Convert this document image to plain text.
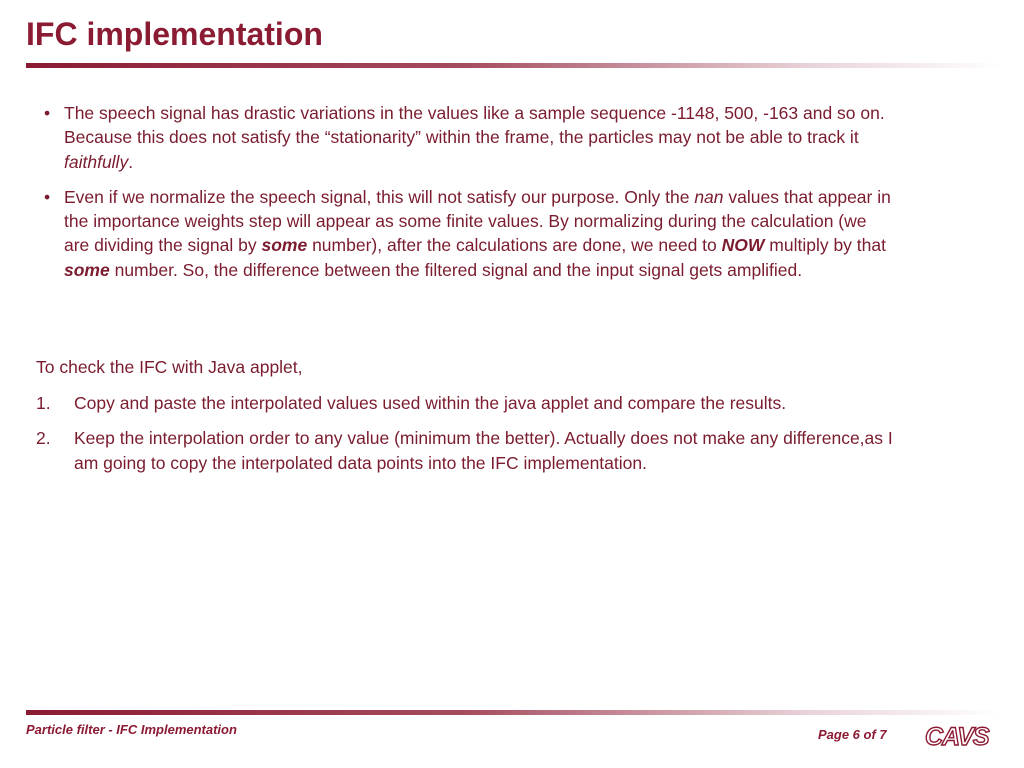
IFC implementation
• The speech signal has drastic variations in the values like a sample sequence -1148, 500, -163 and so on. Because this does not satisfy the “stationarity” within the frame, the particles may not be able to track it faithfully.
• Even if we normalize the speech signal, this will not satisfy our purpose. Only the nan values that appear in the importance weights step will appear as some finite values. By normalizing during the calculation (we are dividing the signal by some number), after the calculations are done, we need to NOW multiply by that some number. So, the difference between the filtered signal and the input signal gets amplified.

To check the IFC with Java applet,

1. Copy and paste the interpolated values used within the java applet and compare the results.
2. Keep the interpolation order to any value (minimum the better). Actually does not make any difference,as I am going to copy the interpolated data points into the IFC implementation.
Particle filter - IFC Implementation	Page 6 of 7 CAVS
